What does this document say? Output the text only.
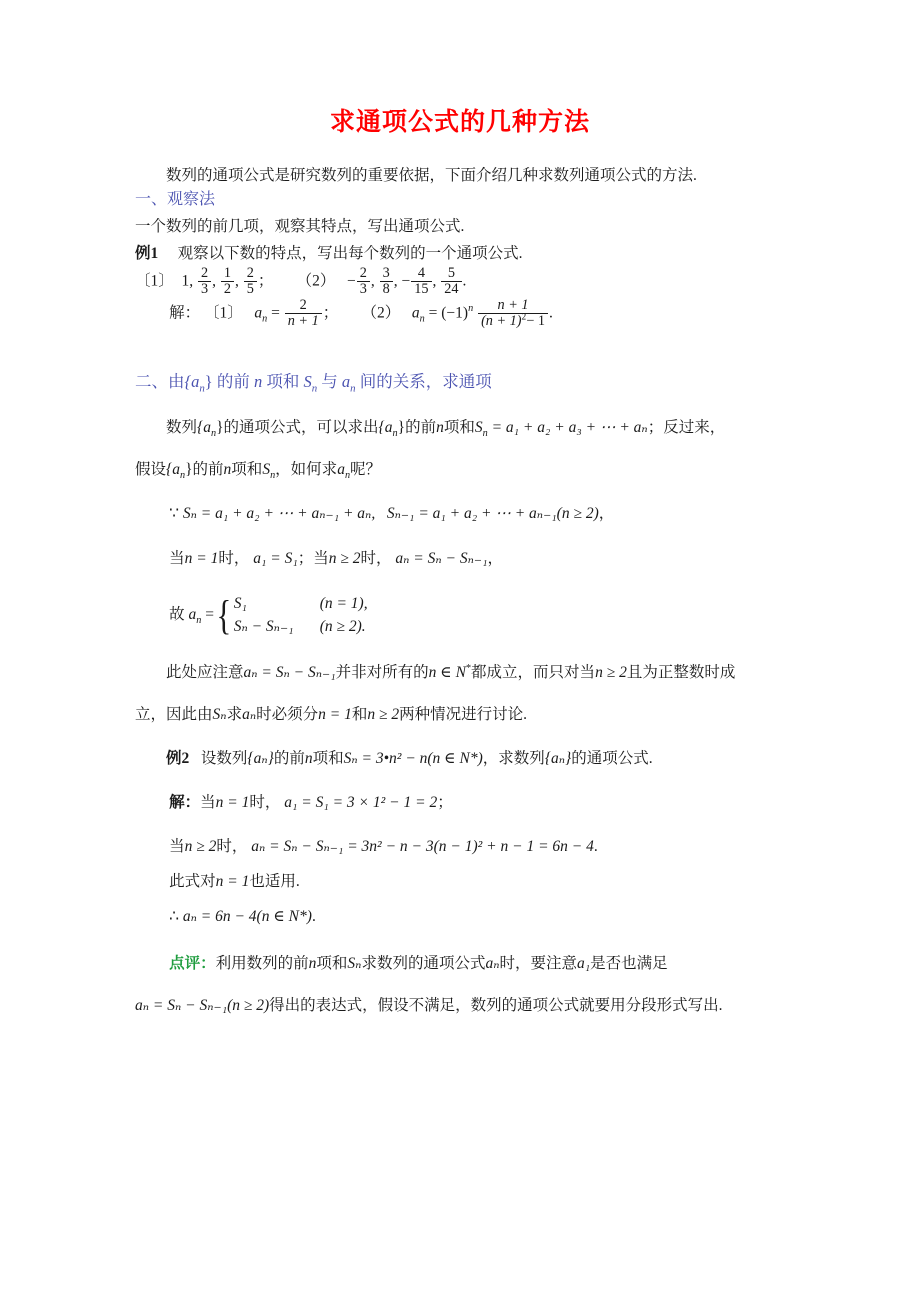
求通项公式的几种方法

数列的通项公式是研究数列的重要依据，下面介绍几种求数列通项公式的方法.

一、观察法

一个数列的前几项，观察其特点，写出通项公式.

例1 观察以下数的特点，写出每个数列的一个通项公式.

〔1〕 1, $\frac{2}{3}$ , $\frac{1}{2}$ , $\frac{2}{5}$ ； $(2) - \frac{2}{3}$ , $\frac{3}{8}$ , − $\frac{4}{15}$ , $\frac{5}{24}$ .

解： 〔1〕 $a_n = \frac{2}{n + 1}$ ； （2） $a_n = (-1)^n \frac{n + 1}{(n + 1)^2- 1}$ .

二、由$\{a_n\}$ 的前 n 项和 $S_n$ 与 $a_n$ 间的关系，求通项

数列$\{a_n\}$的通项公式，可以求出$\{a_n\}$的前n项和$S_n = a_1 + a_2 + a_3$ + ⋯ + aₙ；反过来，

假设$\{a_n\}$的前n项和$S_n$，如何求$a_n$呢？

∵ Sₙ = a₁ + a₂ + ⋯ + aₙ₋₁ + aₙ, Sₙ₋₁ = a₁ + a₂ + ⋯ + aₙ₋₁(n ≥ 2)，

当n = 1时， a₁ = S₁；当n ≥ 2时， aₙ = Sₙ − Sₙ₋₁，

故 $a_n$ = { S₁	(n = 1),
Sₙ − Sₙ₋₁ (n ≥ 2).

此处应注意aₙ = Sₙ − Sₙ₋₁并非对所有的n ∈ N*都成立，而只对当n ≥ 2且为正整数时成

立，因此由Sₙ求aₙ时必须分n = 1和n ≥ 2两种情况进行讨论.

例2 设数列{aₙ}的前n项和Sₙ = 3•n² − n(n ∈ N*)，求数列{aₙ}的通项公式.

解：当n = 1时， a₁ = S₁ = 3 × 1² − 1 = 2；

当n ≥ 2时， aₙ = Sₙ − Sₙ₋₁ = 3n² − n − 3(n − 1)² + n − 1 = 6n − 4.

此式对n = 1也适用.

∴ aₙ = 6n − 4(n ∈ N*).

点评：利用数列的前n项和Sₙ求数列的通项公式aₙ时，要注意a₁是否也满足

aₙ = Sₙ − Sₙ₋₁(n ≥ 2)得出的表达式，假设不满足，数列的通项公式就要用分段形式写出.
